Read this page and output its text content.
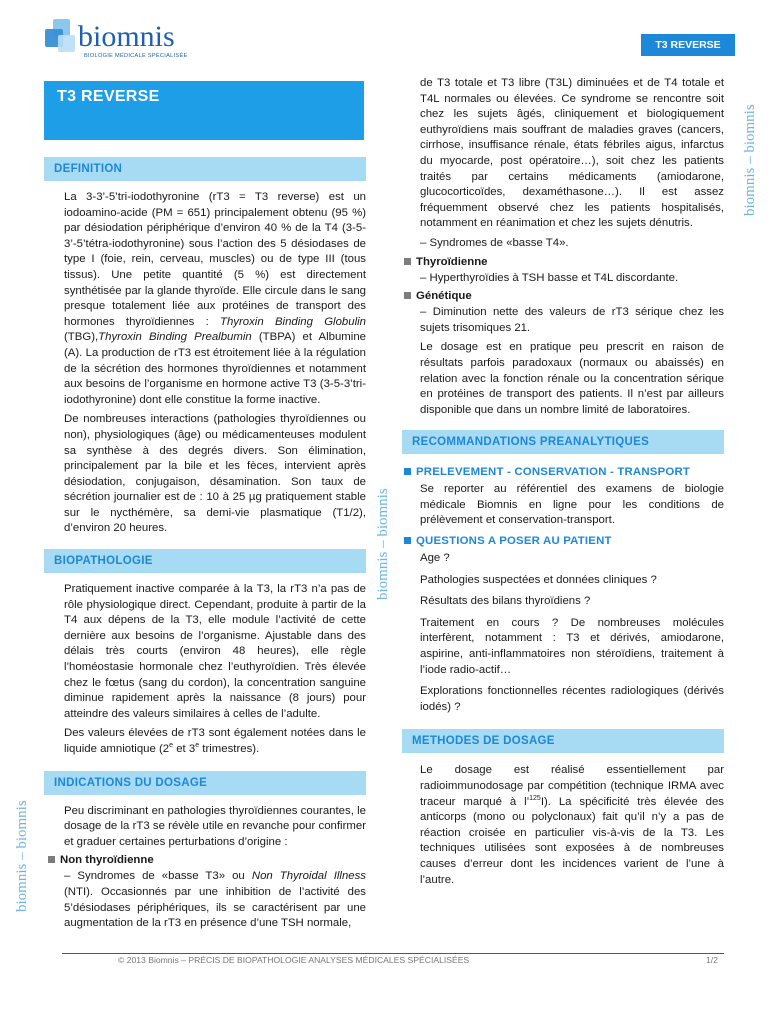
biomnis
BIOLOGIE MÉDICALE SPÉCIALISÉE
T3 REVERSE
T3 REVERSE
biomnis – biomnis
biomnis – biomnis
biomnis – biomnis
DEFINITION

La 3-3’-5’tri-iodothyronine (rT3 = T3 reverse) est un iodoamino-acide (PM = 651) principalement obtenu (95 %) par désiodation périphérique d’environ 40 % de la T4 (3-5-3’-5’tétra-iodothyronine) sous l’action des 5 désiodases de type I (foie, rein, cerveau, muscles) ou de type III (tous tissus). Une petite quantité (5 %) est directement synthétisée par la glande thyroïde. Elle circule dans le sang presque totalement liée aux protéines de transport des hormones thyroïdiennes : Thyroxin Binding Globulin (TBG),Thyroxin Binding Prealbumin (TBPA) et Albumine (A). La production de rT3 est étroitement liée à la régulation de la sécrétion des hormones thyroïdiennes et notamment aux besoins de l’organisme en hormone active T3 (3-5-3’tri-iodothyronine) dont elle constitue la forme inactive.

De nombreuses interactions (pathologies thyroïdiennes ou non), physiologiques (âge) ou médicamenteuses modulent sa synthèse à des degrés divers. Son élimination, principalement par la bile et les fèces, intervient après désiodation, conjugaison, désamination. Son taux de sécrétion journalier est de : 10 à 25 µg pratiquement stable sur le nycthémère, sa demi-vie plasmatique (T1/2), d’environ 20 heures.

BIOPATHOLOGIE

Pratiquement inactive comparée à la T3, la rT3 n’a pas de rôle physiologique direct. Cependant, produite à partir de la T4 aux dépens de la T3, elle module l’activité de cette dernière aux besoins de l’organisme. Ajustable dans des délais très courts (environ 48 heures), elle règle l’homéostasie hormonale chez l’euthyroïdien. Très élevée chez le fœtus (sang du cordon), la concentration sanguine diminue rapidement après la naissance (8 jours) pour atteindre des valeurs similaires à celles de l’adulte.

Des valeurs élevées de rT3 sont également notées dans le liquide amniotique (2e et 3e trimestres).

INDICATIONS DU DOSAGE

Peu discriminant en pathologies thyroïdiennes courantes, le dosage de la rT3 se révèle utile en revanche pour confirmer et graduer certaines perturbations d’origine :

Non thyroïdienne

– Syndromes de «basse T3» ou Non Thyroidal Illness (NTI). Occasionnés par une inhibition de l’activité des 5’désiodases périphériques, ils se caractérisent par une augmentation de la rT3 en présence d’une TSH normale,

de T3 totale et T3 libre (T3L) diminuées et de T4 totale et T4L normales ou élevées. Ce syndrome se rencontre soit chez les sujets âgés, cliniquement et biologiquement euthyroïdiens mais souffrant de maladies graves (cancers, cirrhose, insuffisance rénale, états fébriles aigus, infarctus du myocarde, post opératoire…), soit chez les patients traités par certains médicaments (amiodarone, glucocorticoïdes, dexaméthasone…). Il est assez fréquemment observé chez les patients hospitalisés, notamment en réanimation et chez les sujets dénutris.

– Syndromes de «basse T4».

Thyroïdienne

– Hyperthyroïdies à TSH basse et T4L discordante.

Génétique

– Diminution nette des valeurs de rT3 sérique chez les sujets trisomiques 21.

Le dosage est en pratique peu prescrit en raison de résultats parfois paradoxaux (normaux ou abaissés) en relation avec la fonction rénale ou la concentration sérique en protéines de transport des patients. Il n’est par ailleurs disponible que dans un nombre limité de laboratoires.

RECOMMANDATIONS PREANALYTIQUES
PRELEVEMENT - CONSERVATION - TRANSPORT

Se reporter au référentiel des examens de biologie médicale Biomnis en ligne pour les conditions de prélèvement et conservation-transport.

QUESTIONS A POSER AU PATIENT

Age ?

Pathologies suspectées et données cliniques ?

Résultats des bilans thyroïdiens ?

Traitement en cours ? De nombreuses molécules interfèrent, notamment : T3 et dérivés, amiodarone, aspirine, anti-inflammatoires non stéroïdiens, traitement à l’iode radio-actif…

Explorations fonctionnelles récentes radiologiques (dérivés iodés) ?

METHODES DE DOSAGE

Le dosage est réalisé essentiellement par radioimmunodosage par compétition (technique IRMA avec traceur marqué à l’$^{125}$I). La spécificité très élevée des anticorps (mono ou polyclonaux) fait qu’il n’y a pas de réaction croisée en particulier vis-à-vis de la T3. Les techniques utilisées sont exposées à de nombreuses causes d’erreur dont les incidences varient de l’une à l’autre.

© 2013 Biomnis – PRÉCIS DE BIOPATHOLOGIE ANALYSES MÉDICALES SPÉCIALISÉES	1/2
